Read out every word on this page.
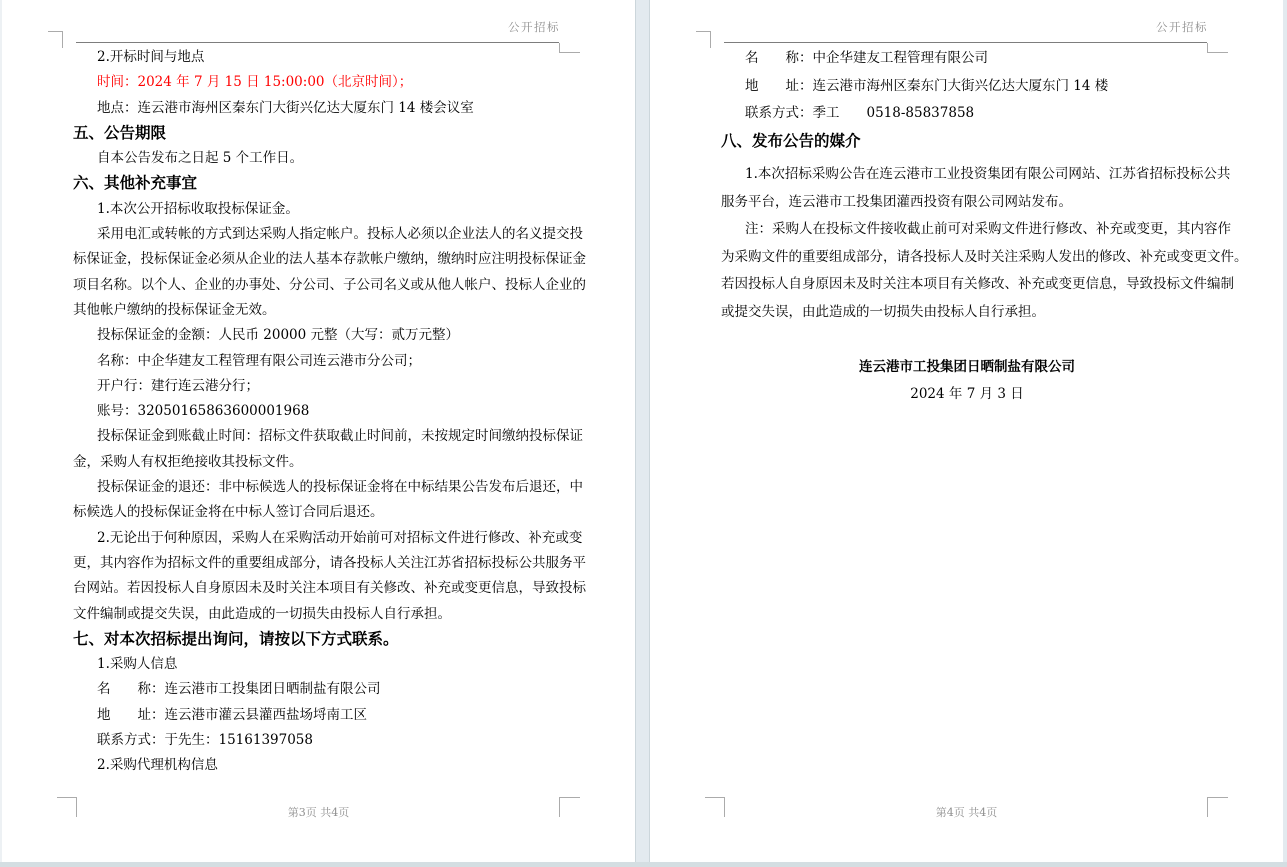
公开招标
2.开标时间与地点
时间：2024 年 7 月 15 日 15:00:00（北京时间）；
地点：连云港市海州区秦东门大街兴亿达大厦东门 14 楼会议室
五、公告期限
自本公告发布之日起 5 个工作日。
六、其他补充事宜
1.本次公开招标收取投标保证金。
采用电汇或转帐的方式到达采购人指定帐户。投标人必须以企业法人的名义提交投
标保证金，投标保证金必须从企业的法人基本存款帐户缴纳，缴纳时应注明投标保证金
项目名称。以个人、企业的办事处、分公司、子公司名义或从他人帐户、投标人企业的
其他帐户缴纳的投标保证金无效。
投标保证金的金额：人民币 20000 元整（大写：贰万元整）
名称：中企华建友工程管理有限公司连云港市分公司；
开户行：建行连云港分行；
账号：32050165863600001968
投标保证金到账截止时间：招标文件获取截止时间前，未按规定时间缴纳投标保证
金，采购人有权拒绝接收其投标文件。
投标保证金的退还：非中标候选人的投标保证金将在中标结果公告发布后退还，中
标候选人的投标保证金将在中标人签订合同后退还。
2.无论出于何种原因，采购人在采购活动开始前可对招标文件进行修改、补充或变
更，其内容作为招标文件的重要组成部分，请各投标人关注江苏省招标投标公共服务平
台网站。若因投标人自身原因未及时关注本项目有关修改、补充或变更信息，导致投标
文件编制或提交失误，由此造成的一切损失由投标人自行承担。
七、对本次招标提出询问，请按以下方式联系。
1.采购人信息
名　　称：连云港市工投集团日晒制盐有限公司
地　　址：连云港市灌云县灌西盐场埒南工区
联系方式：于先生：15161397058
2.采购代理机构信息
第3页 共4页
公开招标
名　　称：中企华建友工程管理有限公司
地　　址：连云港市海州区秦东门大街兴亿达大厦东门 14 楼
联系方式：季工　　0518-85837858
八、发布公告的媒介
1.本次招标采购公告在连云港市工业投资集团有限公司网站、江苏省招标投标公共
服务平台，连云港市工投集团灌西投资有限公司网站发布。
注：采购人在投标文件接收截止前可对采购文件进行修改、补充或变更，其内容作
为采购文件的重要组成部分，请各投标人及时关注采购人发出的修改、补充或变更文件。
若因投标人自身原因未及时关注本项目有关修改、补充或变更信息，导致投标文件编制
或提交失误，由此造成的一切损失由投标人自行承担。
连云港市工投集团日晒制盐有限公司
2024 年 7 月 3 日
第4页 共4页
